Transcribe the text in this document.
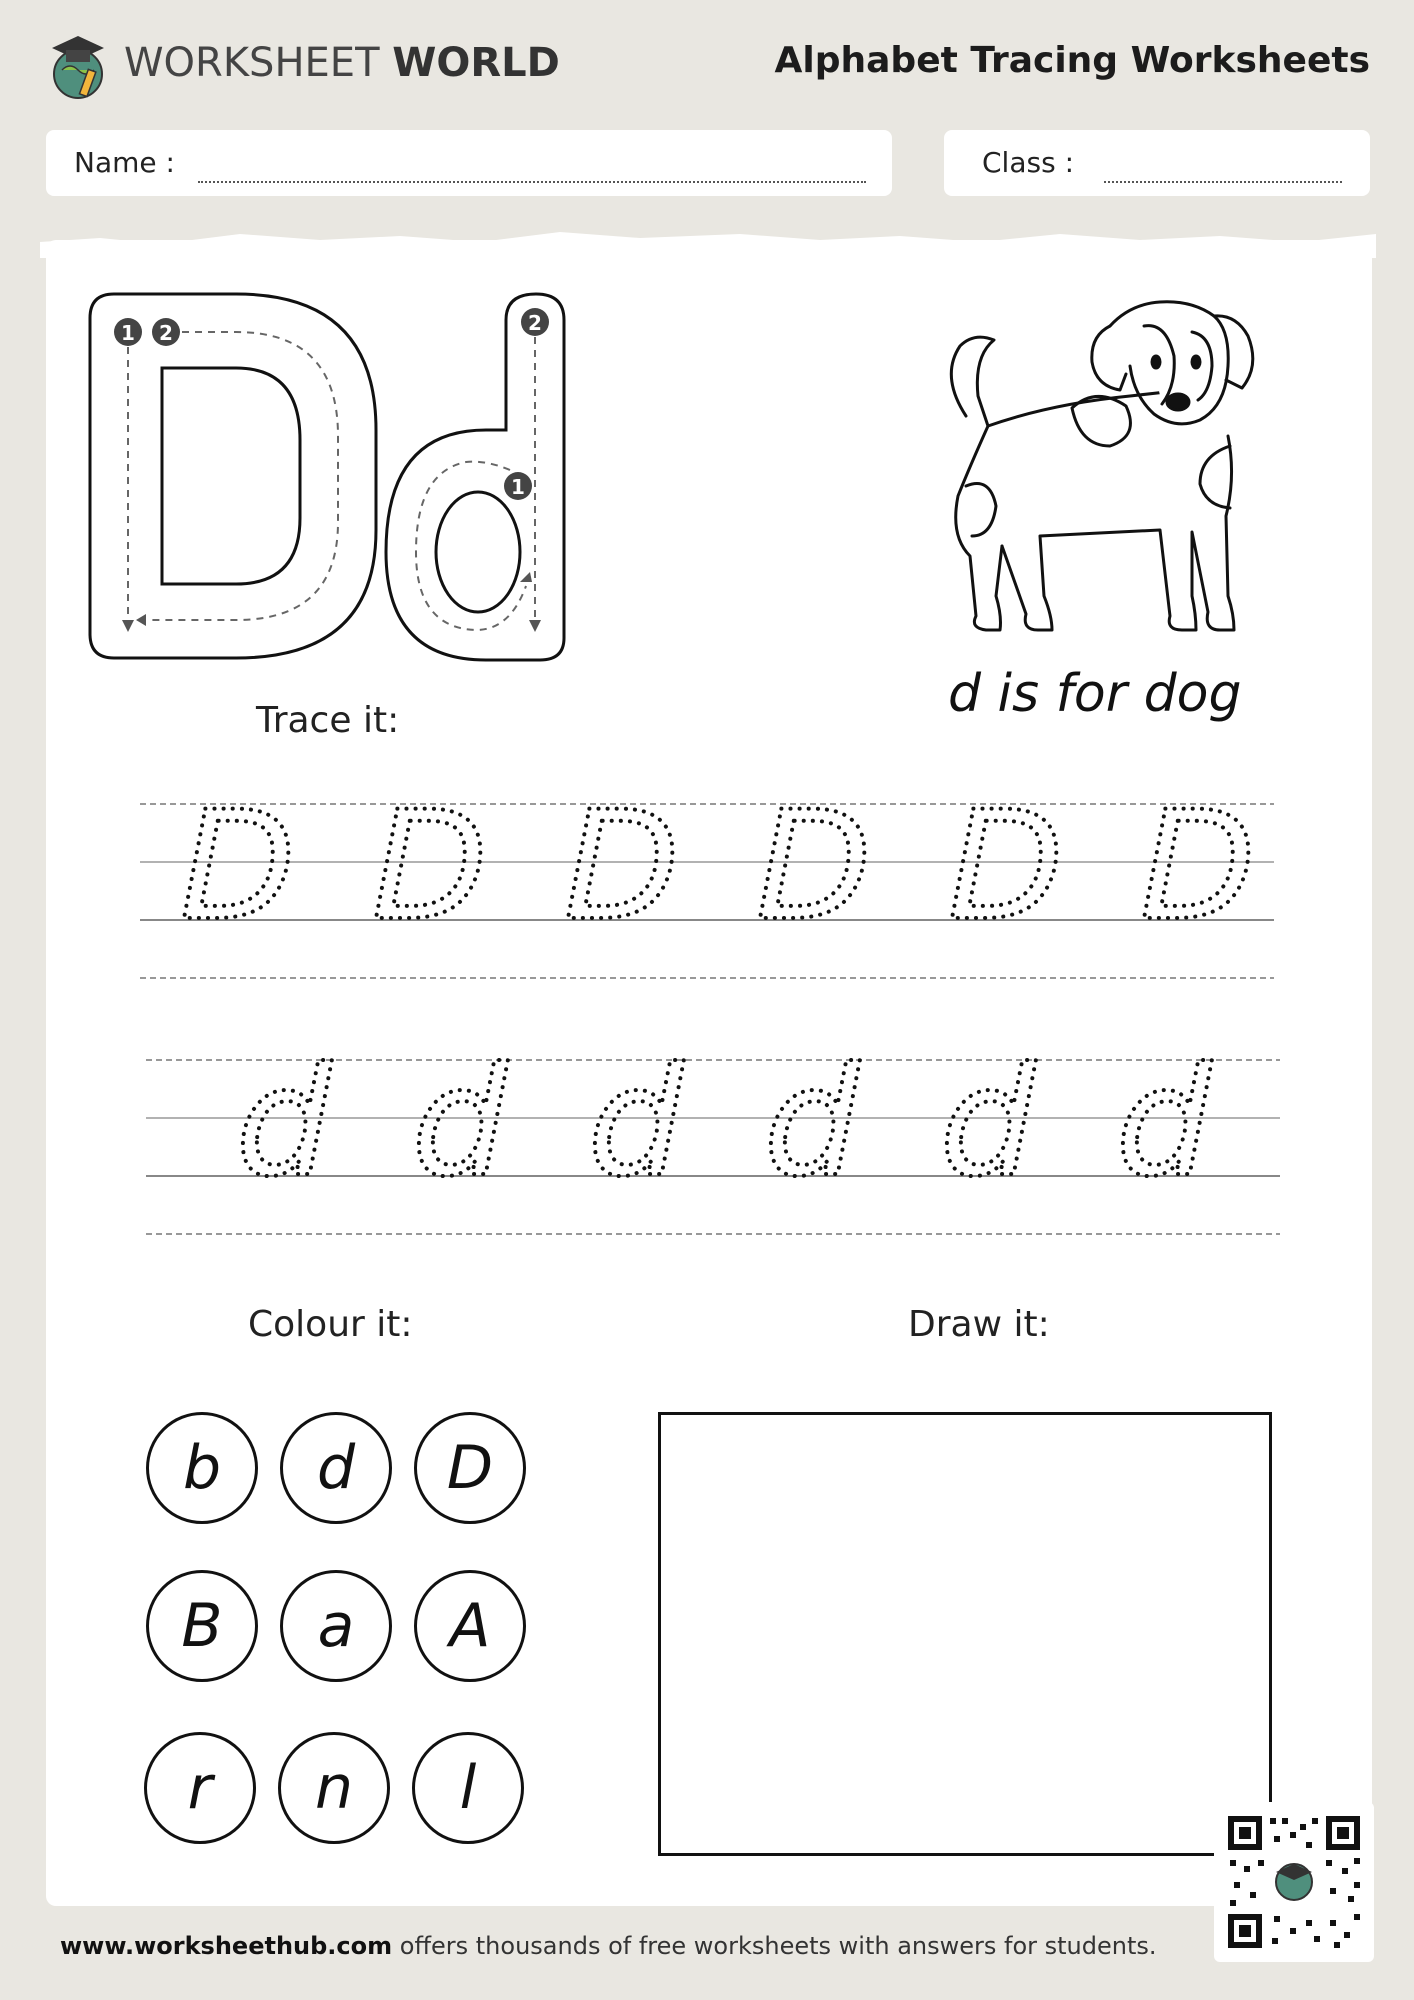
WORKSHEET WORLD	Alphabet Tracing Worksheets
Name :	Class :
1 2	2
1
d is for dog
Trace it:
D D D D D D
d d d d d d
Colour it:
b	d	D
B	a	A
r	n	l
Draw it:
www.worksheethub.com offers thousands of free worksheets with answers for students.
